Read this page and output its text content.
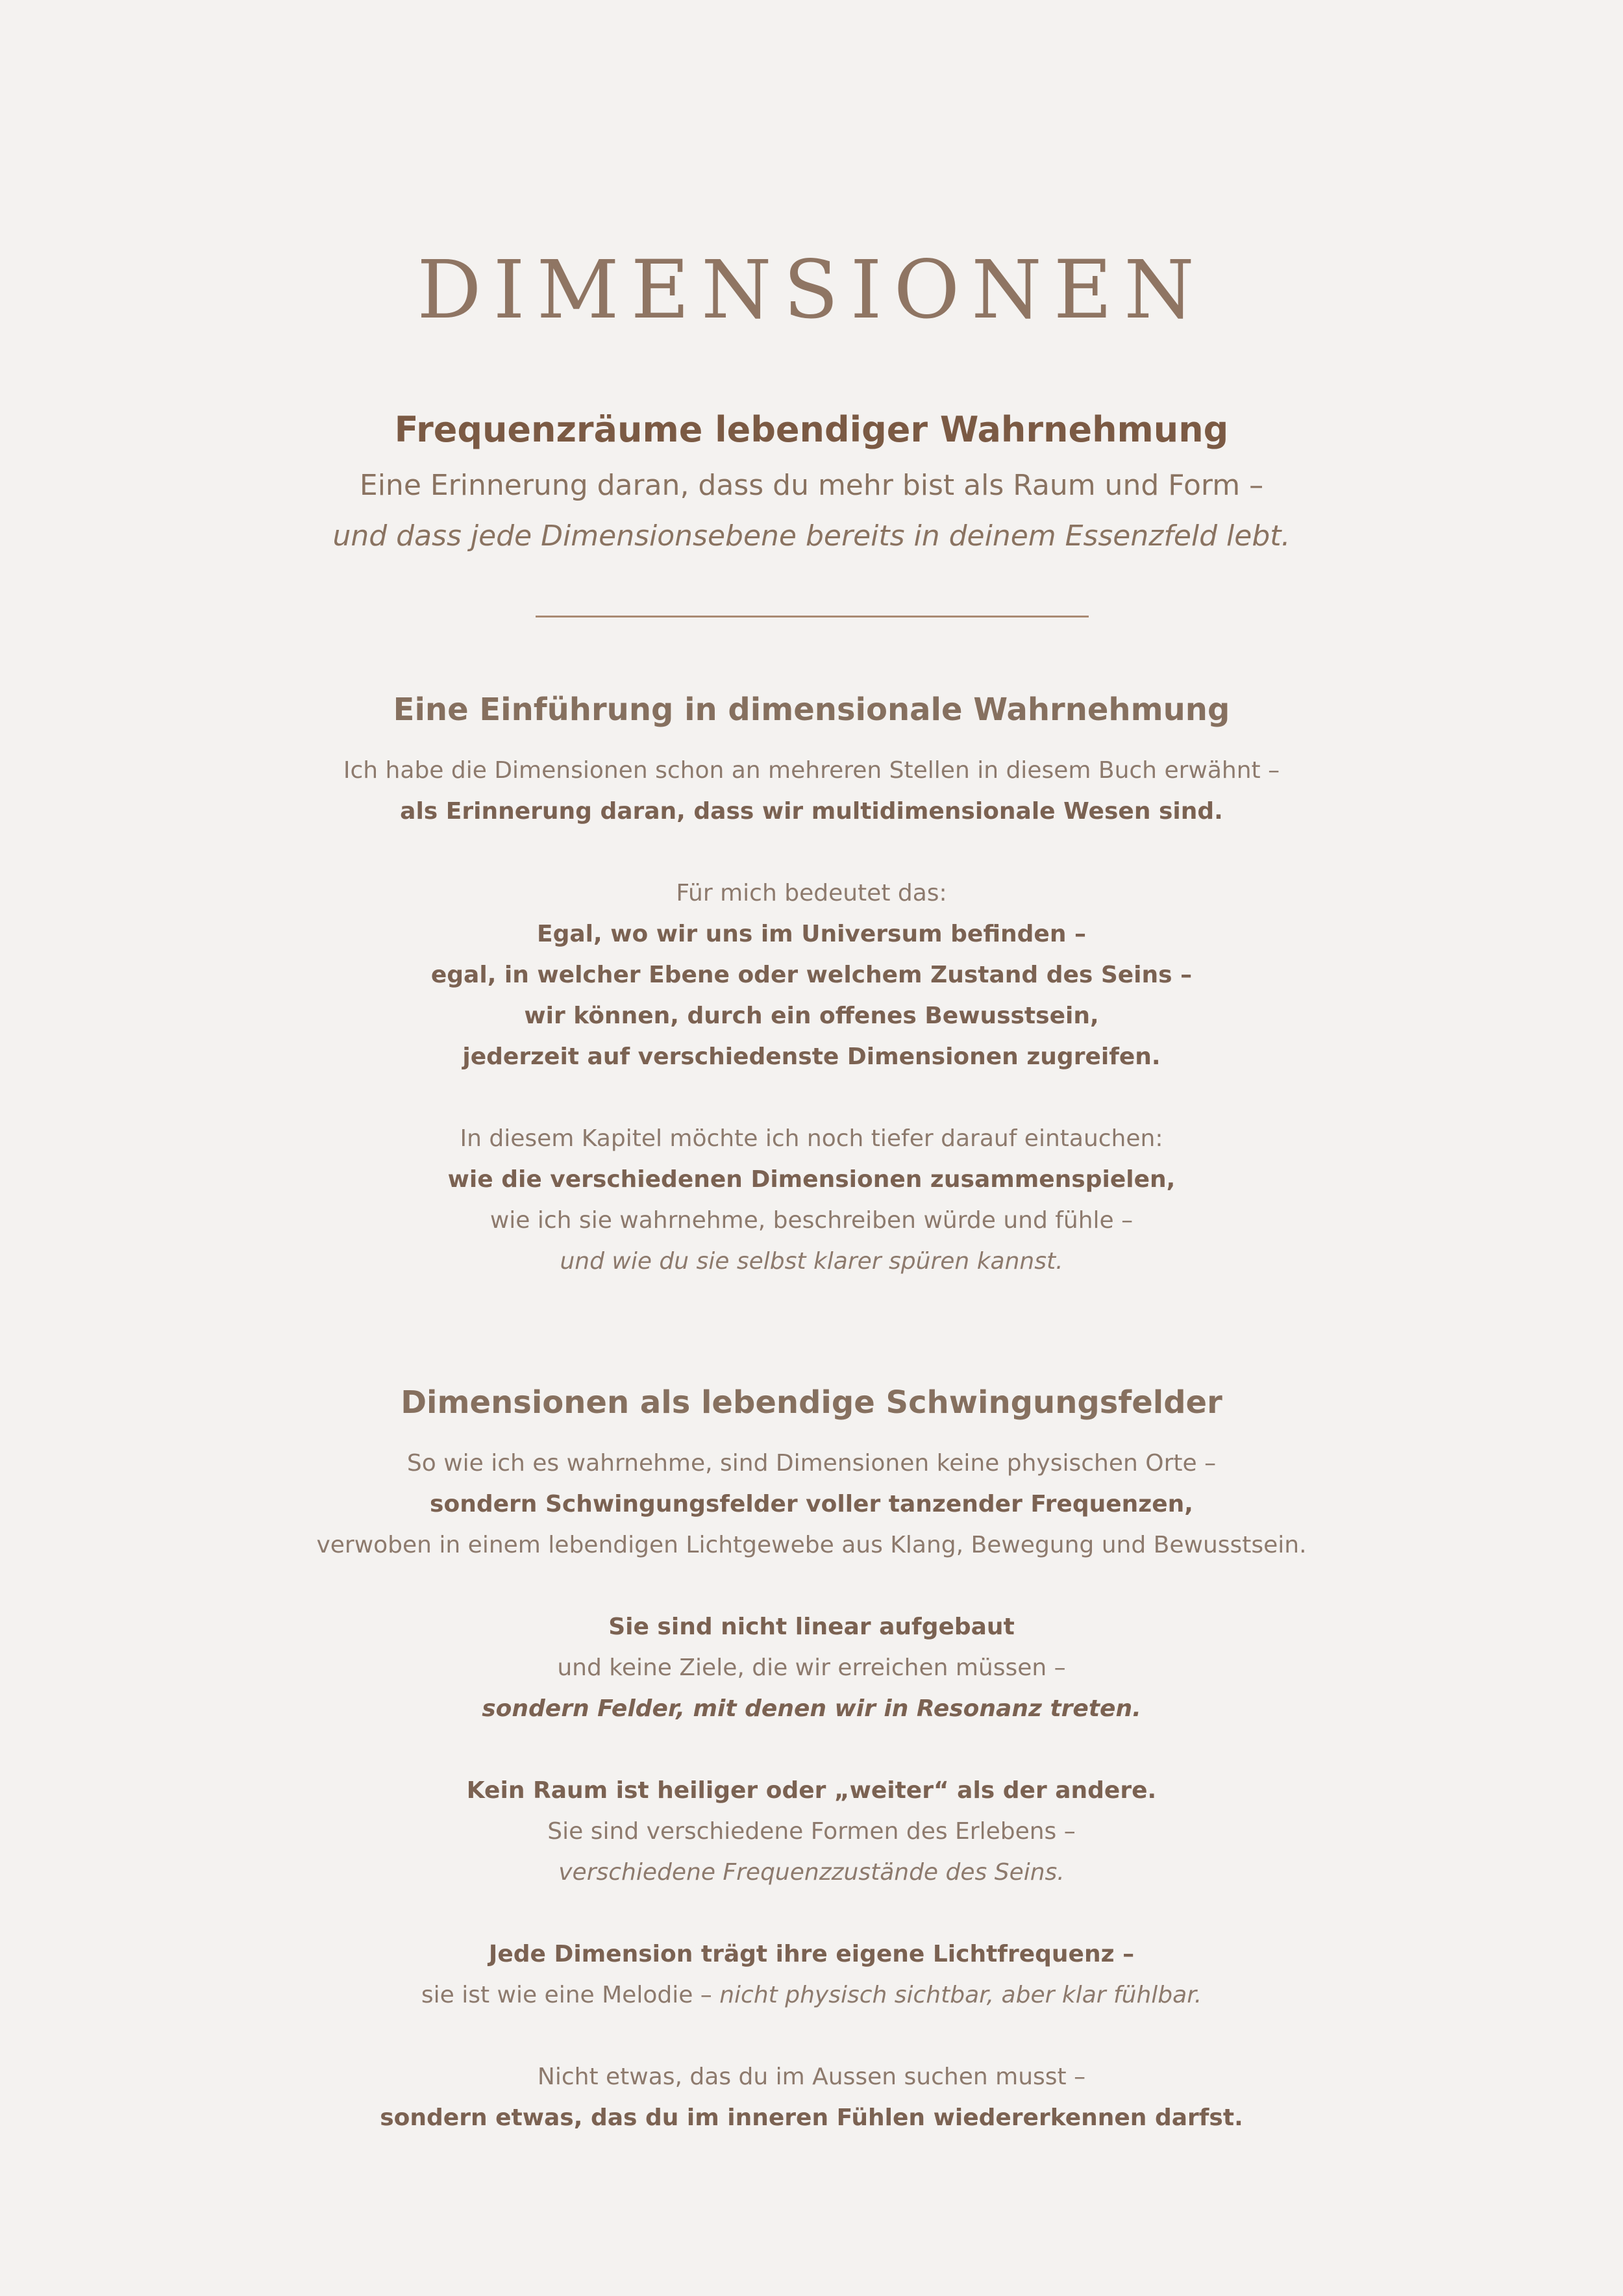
DIMENSIONEN
Frequenzräume lebendiger Wahrnehmung
Eine Erinnerung daran, dass du mehr bist als Raum und Form –
und dass jede Dimensionsebene bereits in deinem Essenzfeld lebt.
Eine Einführung in dimensionale Wahrnehmung
Ich habe die Dimensionen schon an mehreren Stellen in diesem Buch erwähnt –
als Erinnerung daran, dass wir multidimensionale Wesen sind.
Für mich bedeutet das:
Egal, wo wir uns im Universum befinden –
egal, in welcher Ebene oder welchem Zustand des Seins –
wir können, durch ein offenes Bewusstsein,
jederzeit auf verschiedenste Dimensionen zugreifen.
In diesem Kapitel möchte ich noch tiefer darauf eintauchen:
wie die verschiedenen Dimensionen zusammenspielen,
wie ich sie wahrnehme, beschreiben würde und fühle –
und wie du sie selbst klarer spüren kannst.
Dimensionen als lebendige Schwingungsfelder
So wie ich es wahrnehme, sind Dimensionen keine physischen Orte –
sondern Schwingungsfelder voller tanzender Frequenzen,
verwoben in einem lebendigen Lichtgewebe aus Klang, Bewegung und Bewusstsein.
Sie sind nicht linear aufgebaut
und keine Ziele, die wir erreichen müssen –
sondern Felder, mit denen wir in Resonanz treten.
Kein Raum ist heiliger oder „weiter“ als der andere.
Sie sind verschiedene Formen des Erlebens –
verschiedene Frequenzzustände des Seins.
Jede Dimension trägt ihre eigene Lichtfrequenz –
sie ist wie eine Melodie – nicht physisch sichtbar, aber klar fühlbar.
Nicht etwas, das du im Aussen suchen musst –
sondern etwas, das du im inneren Fühlen wiedererkennen darfst.
